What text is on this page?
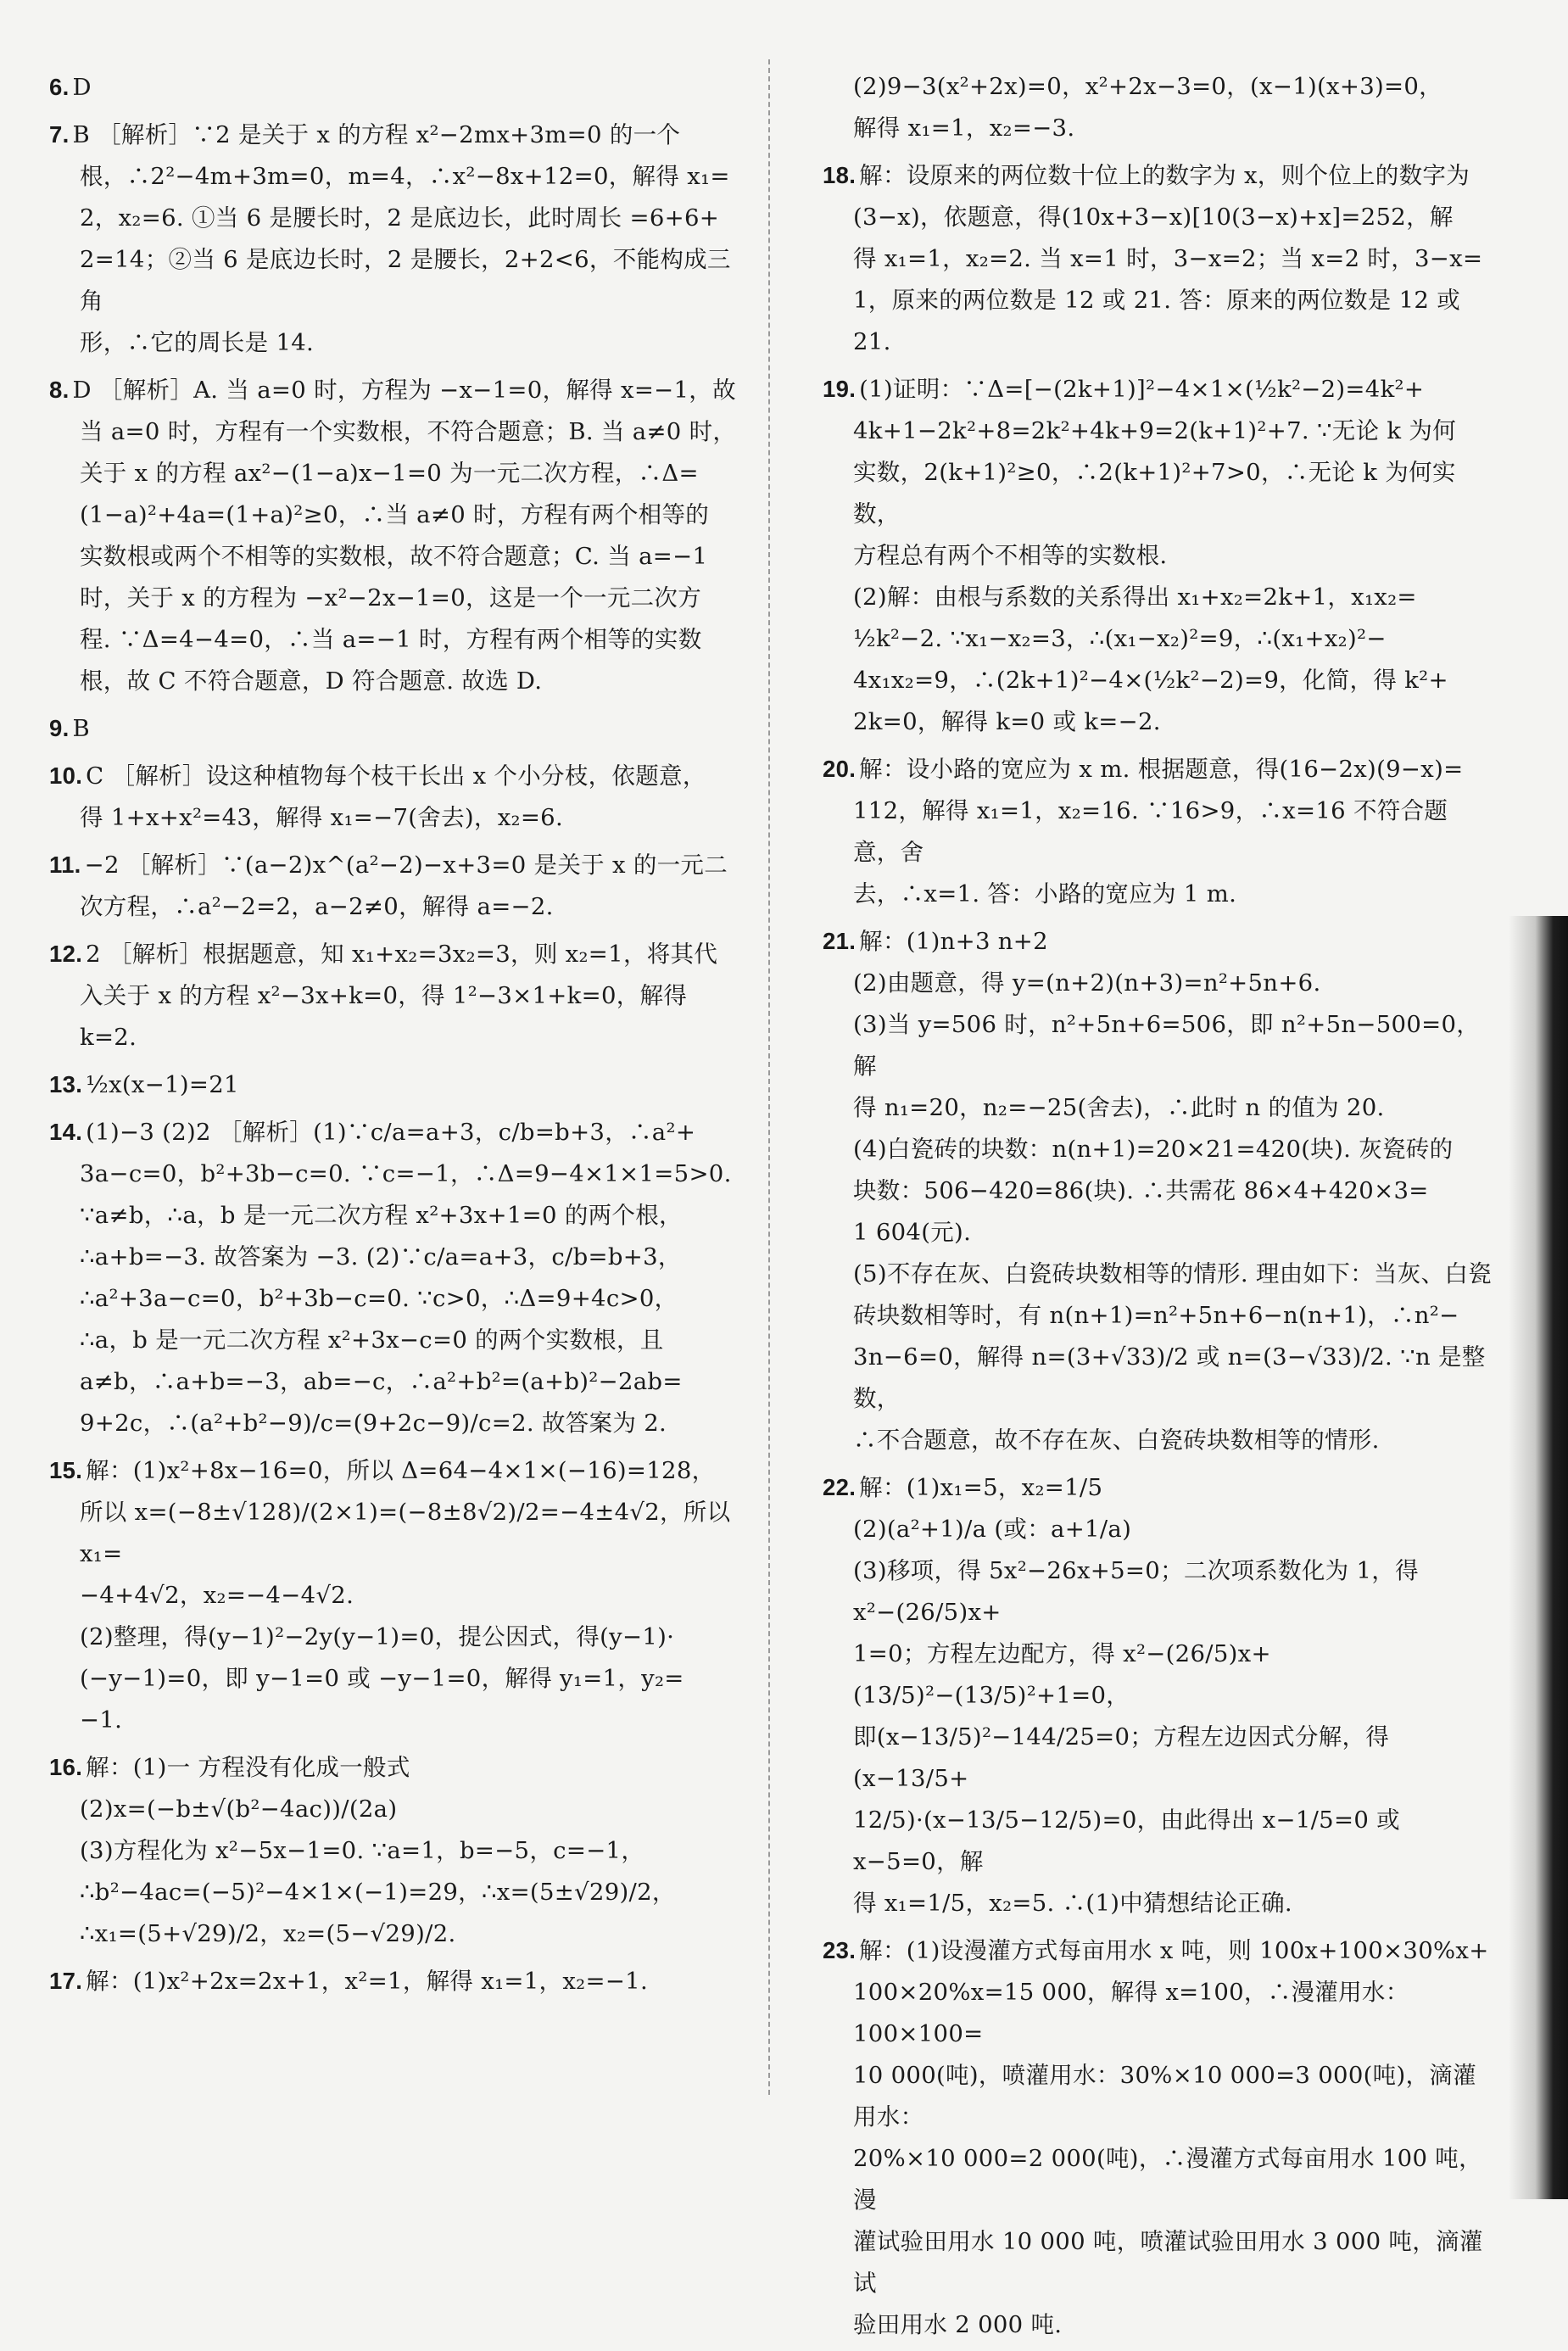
6. D

7. B ［解析］∵2 是关于 x 的方程 x²−2mx+3m=0 的一个

根，∴2²−4m+3m=0，m=4，∴x²−8x+12=0，解得 x₁=

2，x₂=6. ①当 6 是腰长时，2 是底边长，此时周长 =6+6+

2=14；②当 6 是底边长时，2 是腰长，2+2<6，不能构成三角

形，∴它的周长是 14.

8. D ［解析］A. 当 a=0 时，方程为 −x−1=0，解得 x=−1，故

当 a=0 时，方程有一个实数根，不符合题意；B. 当 a≠0 时，

关于 x 的方程 ax²−(1−a)x−1=0 为一元二次方程，∴Δ=

(1−a)²+4a=(1+a)²≥0，∴当 a≠0 时，方程有两个相等的

实数根或两个不相等的实数根，故不符合题意；C. 当 a=−1

时，关于 x 的方程为 −x²−2x−1=0，这是一个一元二次方

程. ∵Δ=4−4=0，∴当 a=−1 时，方程有两个相等的实数

根，故 C 不符合题意，D 符合题意. 故选 D.

9. B

10. C ［解析］设这种植物每个枝干长出 x 个小分枝，依题意，

得 1+x+x²=43，解得 x₁=−7(舍去)，x₂=6.

11. −2 ［解析］∵(a−2)x^(a²−2)−x+3=0 是关于 x 的一元二

次方程，∴a²−2=2，a−2≠0，解得 a=−2.

12. 2 ［解析］根据题意，知 x₁+x₂=3x₂=3，则 x₂=1，将其代

入关于 x 的方程 x²−3x+k=0，得 1²−3×1+k=0，解得

k=2.

13. ½x(x−1)=21

14. (1)−3 (2)2 ［解析］(1)∵c/a=a+3，c/b=b+3，∴a²+

3a−c=0，b²+3b−c=0. ∵c=−1，∴Δ=9−4×1×1=5>0.

∵a≠b，∴a，b 是一元二次方程 x²+3x+1=0 的两个根，

∴a+b=−3. 故答案为 −3. (2)∵c/a=a+3，c/b=b+3，

∴a²+3a−c=0，b²+3b−c=0. ∵c>0，∴Δ=9+4c>0，

∴a，b 是一元二次方程 x²+3x−c=0 的两个实数根，且

a≠b，∴a+b=−3，ab=−c，∴a²+b²=(a+b)²−2ab=

9+2c，∴(a²+b²−9)/c=(9+2c−9)/c=2. 故答案为 2.

15. 解：(1)x²+8x−16=0，所以 Δ=64−4×1×(−16)=128，

所以 x=(−8±√128)/(2×1)=(−8±8√2)/2=−4±4√2，所以 x₁=

−4+4√2，x₂=−4−4√2.

(2)整理，得(y−1)²−2y(y−1)=0，提公因式，得(y−1)·

(−y−1)=0，即 y−1=0 或 −y−1=0，解得 y₁=1，y₂=

−1.

16. 解：(1)一 方程没有化成一般式

(2)x=(−b±√(b²−4ac))/(2a)

(3)方程化为 x²−5x−1=0. ∵a=1，b=−5，c=−1，

∴b²−4ac=(−5)²−4×1×(−1)=29，∴x=(5±√29)/2，

∴x₁=(5+√29)/2，x₂=(5−√29)/2.

17. 解：(1)x²+2x=2x+1，x²=1，解得 x₁=1，x₂=−1.

(2)9−3(x²+2x)=0，x²+2x−3=0，(x−1)(x+3)=0，

解得 x₁=1，x₂=−3.

18. 解：设原来的两位数十位上的数字为 x，则个位上的数字为

(3−x)，依题意，得(10x+3−x)[10(3−x)+x]=252，解

得 x₁=1，x₂=2. 当 x=1 时，3−x=2；当 x=2 时，3−x=

1，原来的两位数是 12 或 21. 答：原来的两位数是 12 或 21.

19. (1)证明：∵Δ=[−(2k+1)]²−4×1×(½k²−2)=4k²+

4k+1−2k²+8=2k²+4k+9=2(k+1)²+7. ∵无论 k 为何

实数，2(k+1)²≥0，∴2(k+1)²+7>0，∴无论 k 为何实数，

方程总有两个不相等的实数根.

(2)解：由根与系数的关系得出 x₁+x₂=2k+1，x₁x₂=

½k²−2. ∵x₁−x₂=3，∴(x₁−x₂)²=9，∴(x₁+x₂)²−

4x₁x₂=9，∴(2k+1)²−4×(½k²−2)=9，化简，得 k²+

2k=0，解得 k=0 或 k=−2.

20. 解：设小路的宽应为 x m. 根据题意，得(16−2x)(9−x)=

112，解得 x₁=1，x₂=16. ∵16>9，∴x=16 不符合题意，舍

去，∴x=1. 答：小路的宽应为 1 m.

21. 解：(1)n+3 n+2

(2)由题意，得 y=(n+2)(n+3)=n²+5n+6.

(3)当 y=506 时，n²+5n+6=506，即 n²+5n−500=0，解

得 n₁=20，n₂=−25(舍去)，∴此时 n 的值为 20.

(4)白瓷砖的块数：n(n+1)=20×21=420(块). 灰瓷砖的

块数：506−420=86(块). ∴共需花 86×4+420×3=

1 604(元).

(5)不存在灰、白瓷砖块数相等的情形. 理由如下：当灰、白瓷

砖块数相等时，有 n(n+1)=n²+5n+6−n(n+1)，∴n²−

3n−6=0，解得 n=(3+√33)/2 或 n=(3−√33)/2. ∵n 是整数，

∴不合题意，故不存在灰、白瓷砖块数相等的情形.

22. 解：(1)x₁=5，x₂=1/5

(2)(a²+1)/a (或：a+1/a)

(3)移项，得 5x²−26x+5=0；二次项系数化为 1，得 x²−(26/5)x+

1=0；方程左边配方，得 x²−(26/5)x+(13/5)²−(13/5)²+1=0，

即(x−13/5)²−144/25=0；方程左边因式分解，得(x−13/5+

12/5)·(x−13/5−12/5)=0，由此得出 x−1/5=0 或 x−5=0，解

得 x₁=1/5，x₂=5. ∴(1)中猜想结论正确.

23. 解：(1)设漫灌方式每亩用水 x 吨，则 100x+100×30%x+

100×20%x=15 000，解得 x=100，∴漫灌用水：100×100=

10 000(吨)，喷灌用水：30%×10 000=3 000(吨)，滴灌用水：

20%×10 000=2 000(吨)，∴漫灌方式每亩用水 100 吨，漫

灌试验田用水 10 000 吨，喷灌试验田用水 3 000 吨，滴灌试

验田用水 2 000 吨.
